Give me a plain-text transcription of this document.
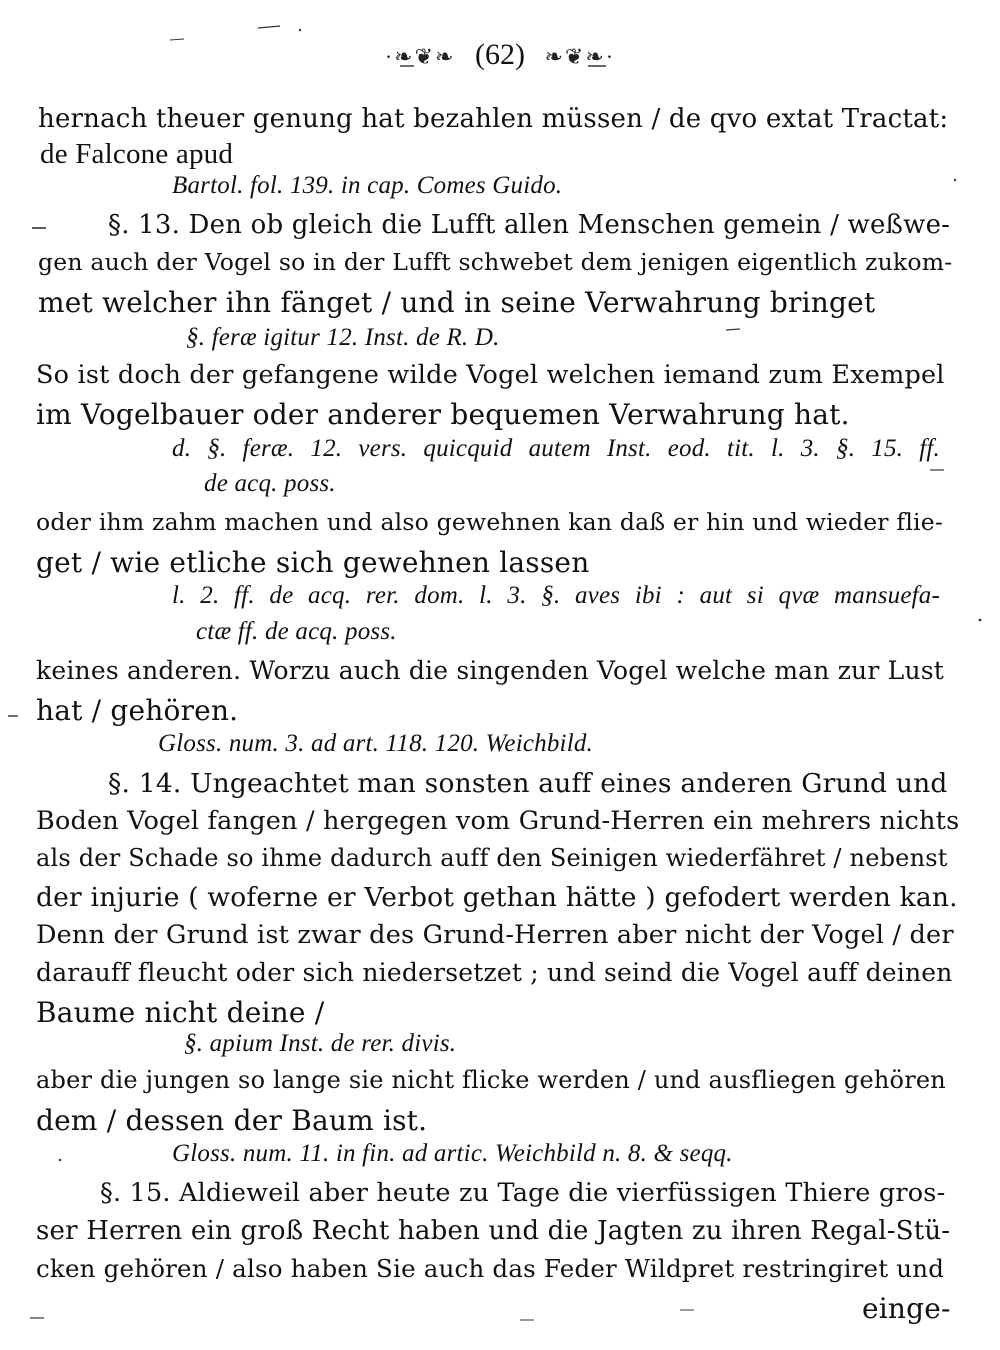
·❧❦❧ (62) ❧❦❧·
hernach theuer genung hat bezahlen müssen / de qvo extat Tractat:
de Falcone apud
Bartol. fol. 139. in cap. Comes Guido.
§. 13. Den ob gleich die Lufft allen Menschen gemein / weßwe-
gen auch der Vogel so in der Lufft schwebet dem jenigen eigentlich zukom-
met welcher ihn fänget / und in seine Verwahrung bringet
§. feræ igitur 12. Inst. de R. D.
So ist doch der gefangene wilde Vogel welchen iemand zum Exempel
im Vogelbauer oder anderer bequemen Verwahrung hat.
d. §. feræ. 12. vers. quicquid autem Inst. eod. tit. l. 3. §. 15. ff.
de acq. poss.
oder ihm zahm machen und also gewehnen kan daß er hin und wieder flie-
get / wie etliche sich gewehnen lassen
l. 2. ff. de acq. rer. dom. l. 3. §. aves ibi : aut si qvæ mansuefa-
ctæ ff. de acq. poss.
keines anderen. Worzu auch die singenden Vogel welche man zur Lust
hat / gehören.
Gloss. num. 3. ad art. 118. 120. Weichbild.
§. 14. Ungeachtet man sonsten auff eines anderen Grund und
Boden Vogel fangen / hergegen vom Grund-Herren ein mehrers nichts
als der Schade so ihme dadurch auff den Seinigen wiederfähret / nebenst
der injurie ( woferne er Verbot gethan hätte ) gefodert werden kan.
Denn der Grund ist zwar des Grund-Herren aber nicht der Vogel / der
darauff fleucht oder sich niedersetzet ; und seind die Vogel auff deinen
Baume nicht deine /
§. apium Inst. de rer. divis.
aber die jungen so lange sie nicht flicke werden / und ausfliegen gehören
dem / dessen der Baum ist.
Gloss. num. 11. in fin. ad artic. Weichbild n. 8. & seqq.
§. 15. Aldieweil aber heute zu Tage die vierfüssigen Thiere gros-
ser Herren ein groß Recht haben und die Jagten zu ihren Regal-Stü-
cken gehören / also haben Sie auch das Feder Wildpret restringiret und
einge-
